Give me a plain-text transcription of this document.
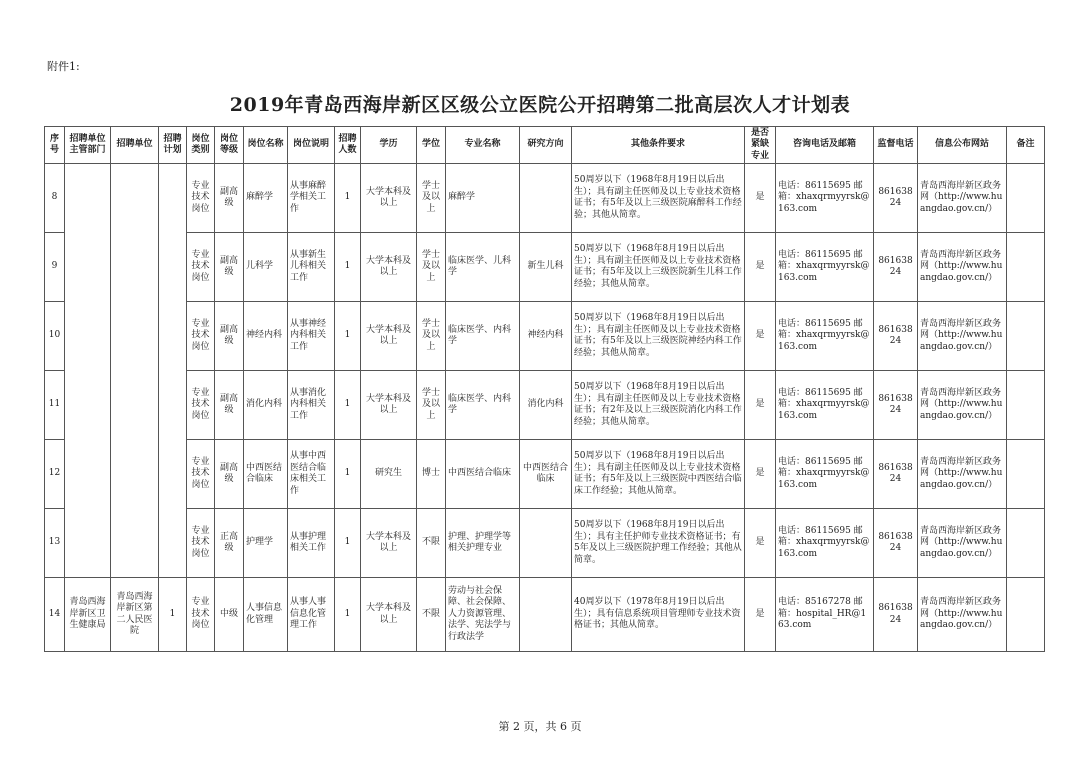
附件1:
2019年青岛西海岸新区区级公立医院公开招聘第二批高层次人才计划表
序号	招聘单位主管部门	招聘单位	招聘计划	岗位类别	岗位等级	岗位名称	岗位说明	招聘人数	学历	学位	专业名称	研究方向	其他条件要求	是否紧缺专业	咨询电话及邮箱	监督电话	信息公布网站	备注
8				专业技术岗位	副高级	麻醉学	从事麻醉学相关工作	1	大学本科及以上	学士及以上	麻醉学		50周岁以下（1968年8月19日以后出生）；具有副主任医师及以上专业技术资格证书；有5年及以上三级医院麻醉科工作经验；其他从简章。	是	电话：86115695 邮箱：xhaxqrmyyrsk@163.com	86163824	青岛西海岸新区政务网（http://www.huangdao.gov.cn/）	
9				专业技术岗位	副高级	儿科学	从事新生儿科相关工作	1	大学本科及以上	学士及以上	临床医学、儿科学	新生儿科	50周岁以下（1968年8月19日以后出生）；具有副主任医师及以上专业技术资格证书；有5年及以上三级医院新生儿科工作经验；其他从简章。	是	电话：86115695 邮箱：xhaxqrmyyrsk@163.com	86163824	青岛西海岸新区政务网（http://www.huangdao.gov.cn/）	
10				专业技术岗位	副高级	神经内科	从事神经内科相关工作	1	大学本科及以上	学士及以上	临床医学、内科学	神经内科	50周岁以下（1968年8月19日以后出生）；具有副主任医师及以上专业技术资格证书；有5年及以上三级医院神经内科工作经验；其他从简章。	是	电话：86115695 邮箱：xhaxqrmyyrsk@163.com	86163824	青岛西海岸新区政务网（http://www.huangdao.gov.cn/）	
11				专业技术岗位	副高级	消化内科	从事消化内科相关工作	1	大学本科及以上	学士及以上	临床医学、内科学	消化内科	50周岁以下（1968年8月19日以后出生）；具有副主任医师及以上专业技术资格证书；有2年及以上三级医院消化内科工作经验；其他从简章。	是	电话：86115695 邮箱：xhaxqrmyyrsk@163.com	86163824	青岛西海岸新区政务网（http://www.huangdao.gov.cn/）	
12				专业技术岗位	副高级	中西医结合临床	从事中西医结合临床相关工作	1	研究生	博士	中西医结合临床	中西医结合临床	50周岁以下（1968年8月19日以后出生）；具有副主任医师及以上专业技术资格证书；有5年及以上三级医院中西医结合临床工作经验；其他从简章。	是	电话：86115695 邮箱：xhaxqrmyyrsk@163.com	86163824	青岛西海岸新区政务网（http://www.huangdao.gov.cn/）	
13				专业技术岗位	正高级	护理学	从事护理相关工作	1	大学本科及以上	不限	护理、护理学等相关护理专业		50周岁以下（1968年8月19日以后出生）；具有主任护师专业技术资格证书；有5年及以上三级医院护理工作经验；其他从简章。	是	电话：86115695 邮箱：xhaxqrmyyrsk@163.com	86163824	青岛西海岸新区政务网（http://www.huangdao.gov.cn/）	
14	青岛西海岸新区卫生健康局	青岛西海岸新区第二人民医院	1	专业技术岗位	中级	人事信息化管理	从事人事信息化管理工作	1	大学本科及以上	不限	劳动与社会保障、社会保障、人力资源管理、法学、宪法学与行政法学		40周岁以下（1978年8月19日以后出生）；具有信息系统项目管理师专业技术资格证书；其他从简章。	是	电话：85167278 邮箱：hospital_HR@163.com	86163824	青岛西海岸新区政务网（http://www.huangdao.gov.cn/）	
第 2 页，共 6 页
